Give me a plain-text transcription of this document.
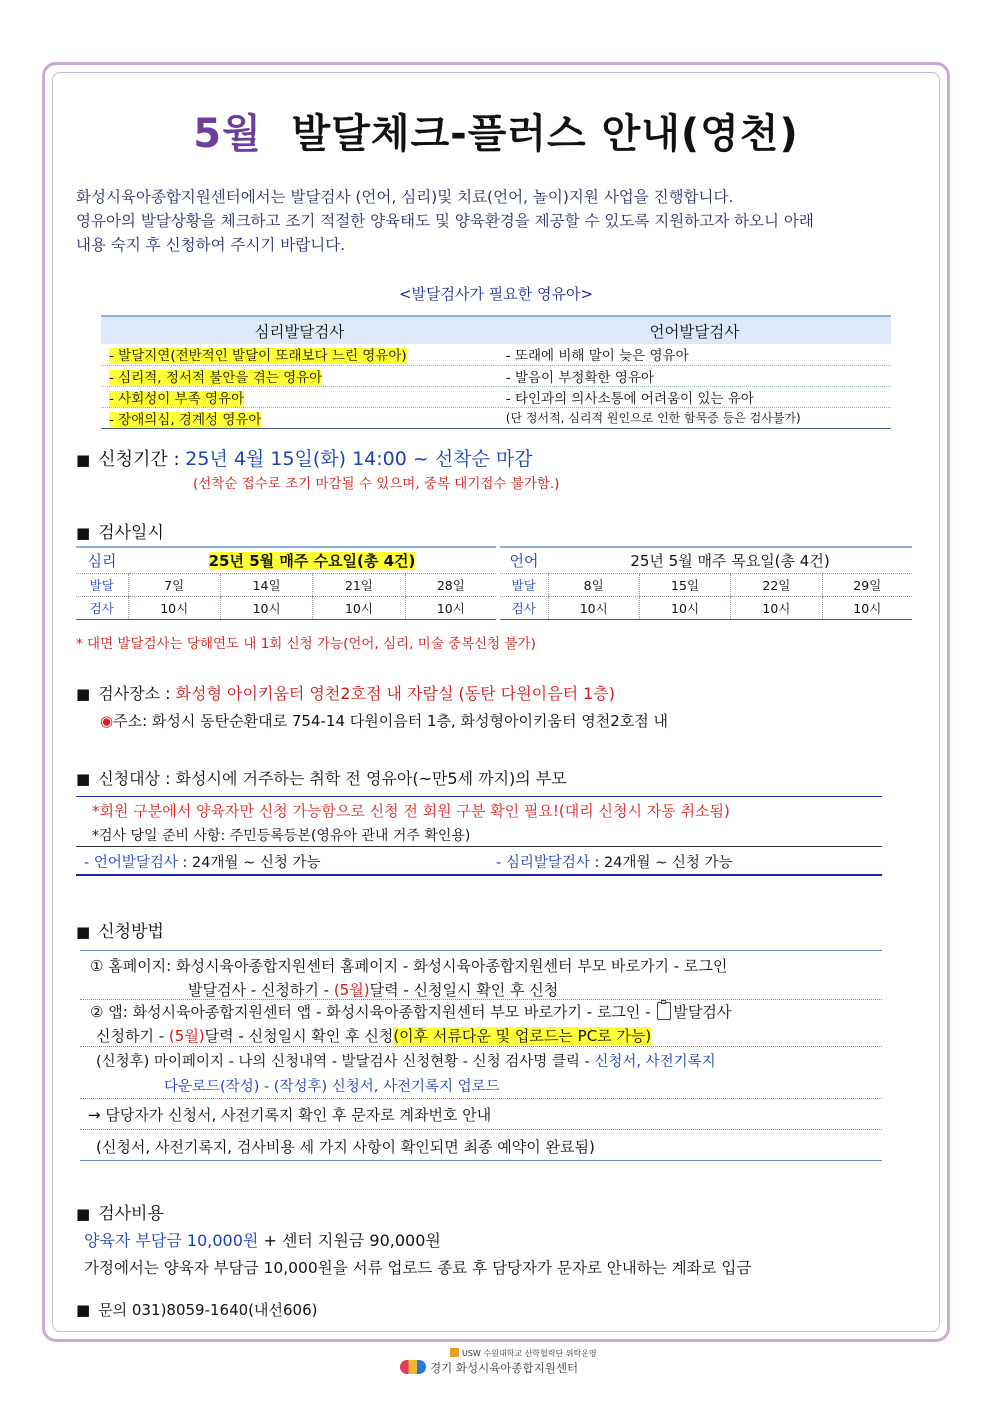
5월 발달체크-플러스 안내(영천)
화성시육아종합지원센터에서는 발달검사 (언어, 심리)및 치료(언어, 놀이)지원 사업을 진행합니다.
영유아의 발달상황을 체크하고 조기 적절한 양육태도 및 양육환경을 제공할 수 있도록 지원하고자 하오니 아래
내용 숙지 후 신청하여 주시기 바랍니다.
<발달검사가 필요한 영유아>
심리발달검사	언어발달검사
- 발달지연(전반적인 발달이 또래보다 느린 영유아)	- 또래에 비해 말이 늦은 영유아
- 심리적, 정서적 불안을 겪는 영유아	- 발음이 부정확한 영유아
- 사회성이 부족 영유아	- 타인과의 의사소통에 어려움이 있는 유아
- 장애의심, 경계성 영유아	(단 정서적, 심리적 원인으로 인한 함묵증 등은 검사불가)
■ 신청기간 : 25년 4월 15일(화) 14:00 ~ 선착순 마감
(선착순 접수로 조기 마감될 수 있으며, 중복 대기접수 불가함.)
■ 검사일시
심리	25년 5월 매주 수요일(총 4건)			
발달	7일	14일	21일	28일
검사	10시	10시	10시	10시
언어	25년 5월 매주 목요일(총 4건)			
발달	8일	15일	22일	29일
검사	10시	10시	10시	10시
* 대면 발달검사는 당해연도 내 1회 신청 가능(언어, 심리, 미술 중복신청 불가)
■ 검사장소 : 화성형 아이키움터 영천2호점 내 자람실 (동탄 다원이음터 1층)
◉주소: 화성시 동탄순환대로 754-14 다원이음터 1층, 화성형아이키움터 영천2호점 내
■ 신청대상 : 화성시에 거주하는 취학 전 영유아(~만5세 까지)의 부모
*회원 구분에서 양육자만 신청 가능함으로 신청 전 회원 구분 확인 필요!(대리 신청시 자동 취소됨)
*검사 당일 준비 사항: 주민등록등본(영유아 관내 거주 확인용)
- 언어발달검사 : 24개월 ~ 신청 가능	- 심리발달검사 : 24개월 ~ 신청 가능
■ 신청방법
① 홈페이지: 화성시육아종합지원센터 홈페이지 - 화성시육아종합지원센터 부모 바로가기 - 로그인
발달검사 - 신청하기 - (5월)달력 - 신청일시 확인 후 신청
② 앱: 화성시육아종합지원센터 앱 - 화성시육아종합지원센터 부모 바로가기 - 로그인 -
발달검사
신청하기 - (5월)달력 - 신청일시 확인 후 신청(이후 서류다운 및 업로드는 PC로 가능)
(신청후) 마이페이지 - 나의 신청내역 - 발달검사 신청현황 - 신청 검사명 클릭 - 신청서, 사전기록지
다운로드(작성) - (작성후) 신청서, 사전기록지 업로드
→ 담당자가 신청서, 사전기록지 확인 후 문자로 계좌번호 안내
(신청서, 사전기록지, 검사비용 세 가지 사항이 확인되면 최종 예약이 완료됨)
■ 검사비용
양육자 부담금 10,000원 + 센터 지원금 90,000원
가정에서는 양육자 부담금 10,000원을 서류 업로드 종료 후 담당자가 문자로 안내하는 계좌로 입금
■ 문의 031)8059-1640(내선606)
USW 수원대학교 산학협력단 위탁운영
경기 화성시육아종합지원센터
